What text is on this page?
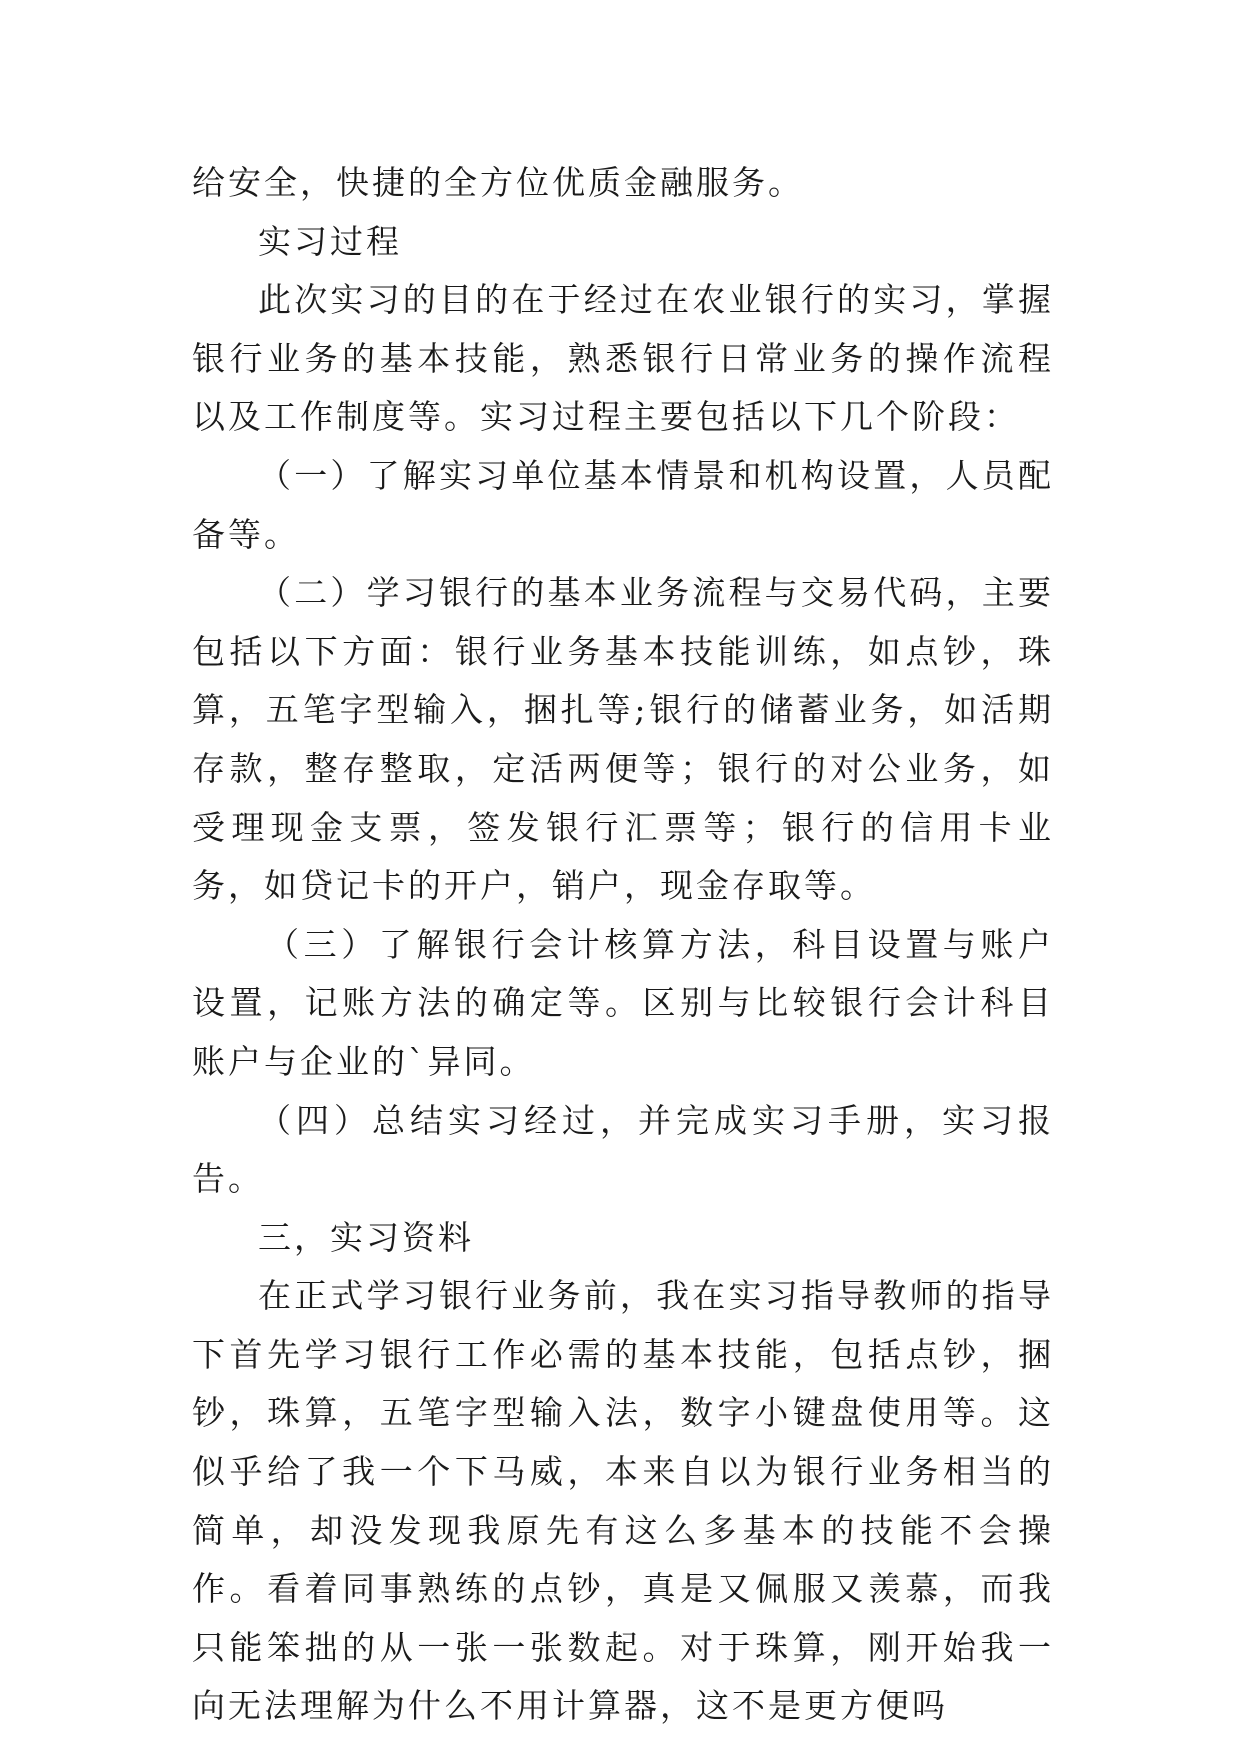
给安全，快捷的全方位优质金融服务。

实习过程

此次实习的目的在于经过在农业银行的实习，掌握银行业务的基本技能，熟悉银行日常业务的操作流程以及工作制度等。实习过程主要包括以下几个阶段：

（一）了解实习单位基本情景和机构设置，人员配备等。

（二）学习银行的基本业务流程与交易代码，主要包括以下方面：银行业务基本技能训练，如点钞，珠算，五笔字型输入，捆扎等;银行的储蓄业务，如活期存款，整存整取，定活两便等；银行的对公业务，如受理现金支票，签发银行汇票等；银行的信用卡业务，如贷记卡的开户，销户，现金存取等。

（三）了解银行会计核算方法，科目设置与账户设置，记账方法的确定等。区别与比较银行会计科目账户与企业的`异同。

（四）总结实习经过，并完成实习手册，实习报告。

三，实习资料

在正式学习银行业务前，我在实习指导教师的指导下首先学习银行工作必需的基本技能，包括点钞，捆钞，珠算，五笔字型输入法，数字小键盘使用等。这似乎给了我一个下马威，本来自以为银行业务相当的简单，却没发现我原先有这么多基本的技能不会操作。看着同事熟练的点钞，真是又佩服又羡慕，而我只能笨拙的从一张一张数起。对于珠算，刚开始我一向无法理解为什么不用计算器，这不是更方便吗
